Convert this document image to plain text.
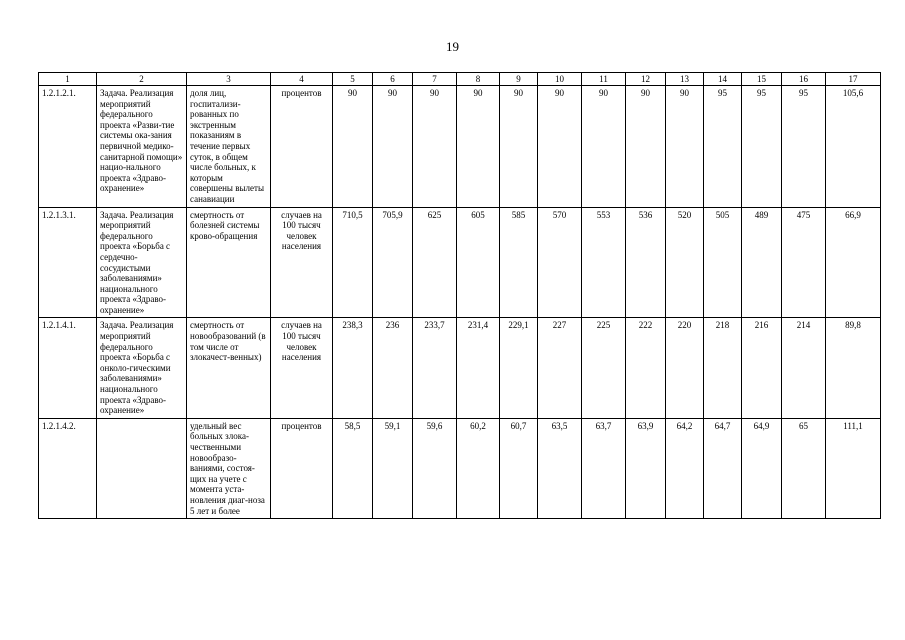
19
1	2	3	4	5	6	7	8	9	10	11	12	13	14	15	16	17
1.2.1.2.1.	Задача. Реализация мероприятий федерального проекта «Разви-тие системы ока-зания первичной медико-санитарной помощи» нацио-нального проекта «Здраво-охранение»	доля лиц, госпитализи-рованных по экстренным показаниям в течение первых суток, в общем числе больных, к которым совершены вылеты санавиации	процентов	90	90	90	90	90	90	90	90	90	95	95	95	105,6
1.2.1.3.1.	Задача. Реализация мероприятий федерального проекта «Борьба с сердечно-сосудистыми заболеваниями» национального проекта «Здраво-охранение»	смертность от болезней системы крово-обращения	случаев на 100 тысяч человек населения	710,5	705,9	625	605	585	570	553	536	520	505	489	475	66,9
1.2.1.4.1.	Задача. Реализация мероприятий федерального проекта «Борьба с онколо-гическими заболеваниями» национального проекта «Здраво-охранение»	смертность от новообразований (в том числе от злокачест-венных)	случаев на 100 тысяч человек населения	238,3	236	233,7	231,4	229,1	227	225	222	220	218	216	214	89,8
1.2.1.4.2.		удельный вес больных злока-чественными новообразо-ваниями, состоя-щих на учете с момента уста-новления диаг-ноза 5 лет и более	процентов	58,5	59,1	59,6	60,2	60,7	63,5	63,7	63,9	64,2	64,7	64,9	65	111,1
